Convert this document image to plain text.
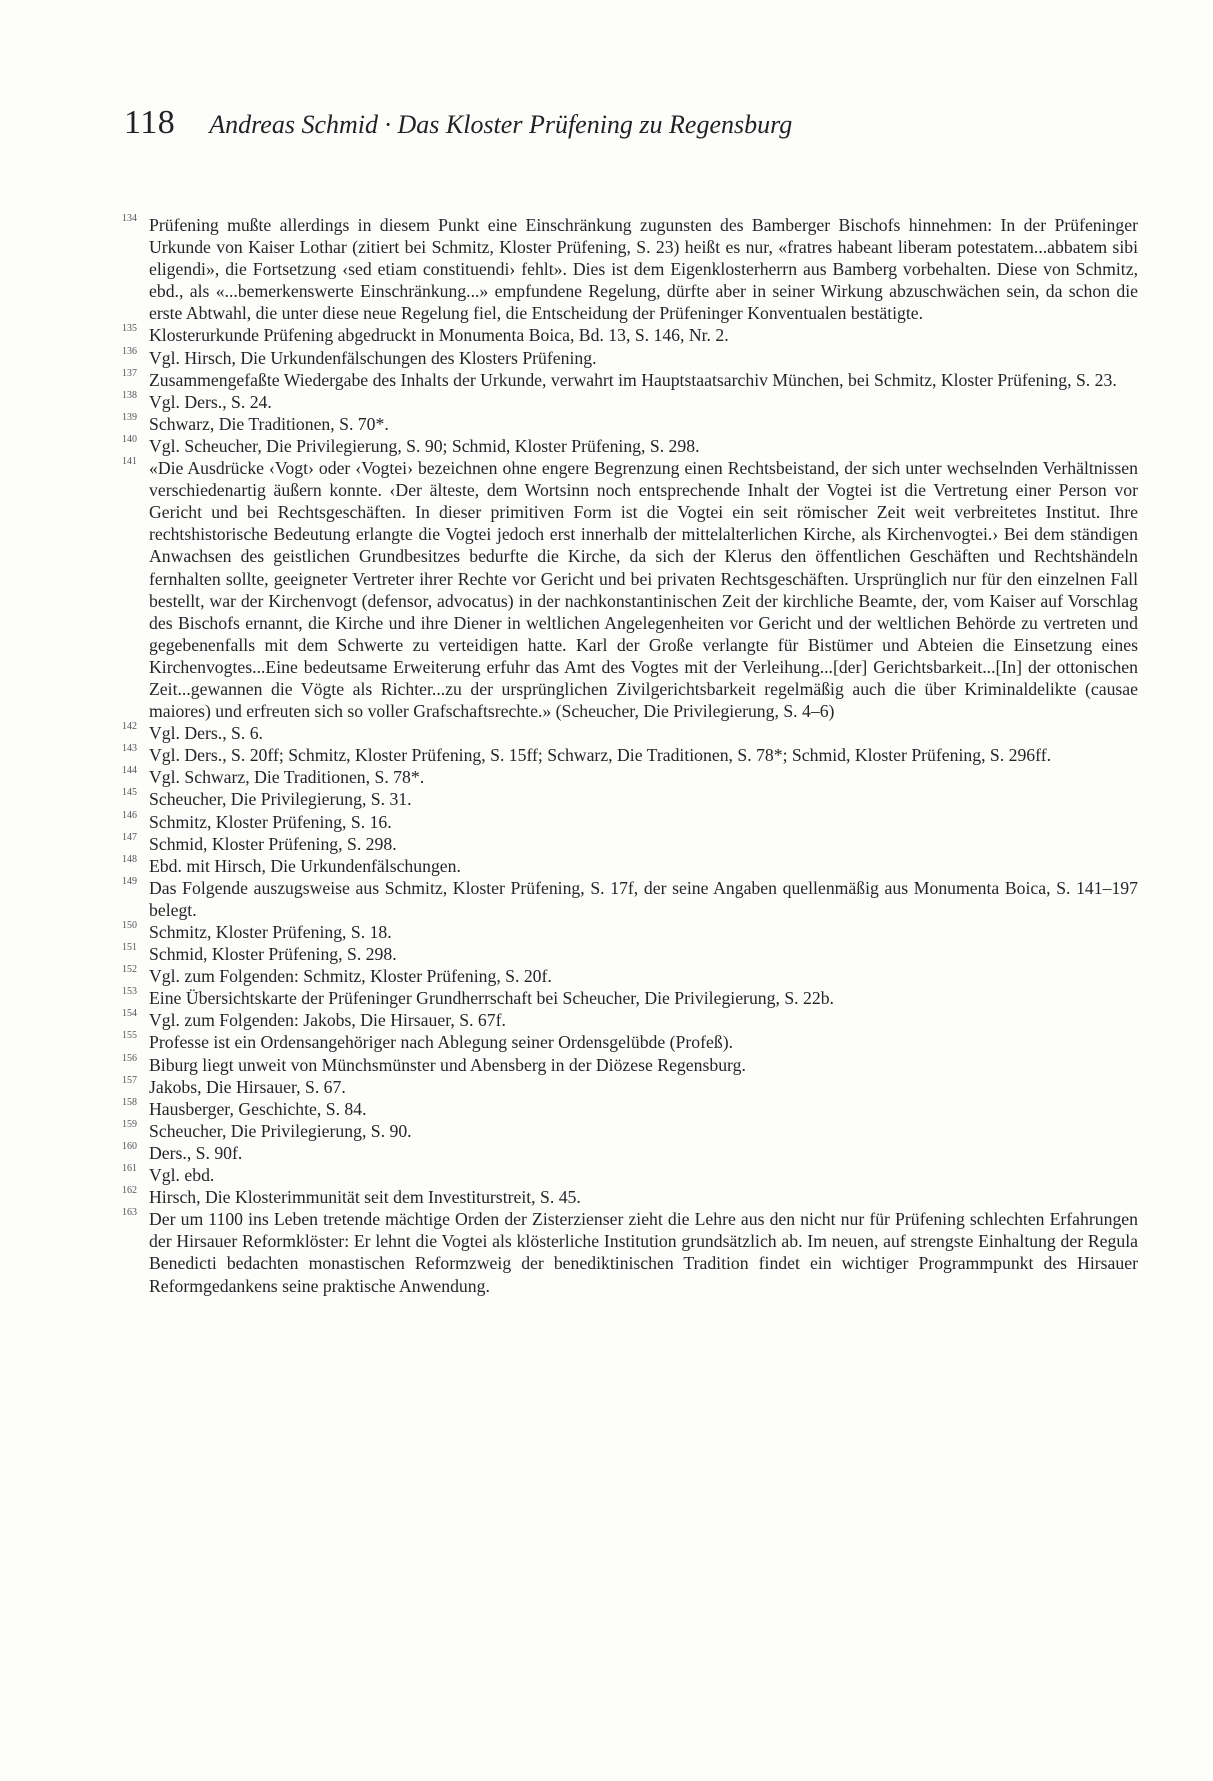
118 Andreas Schmid · Das Kloster Prüfening zu Regensburg
134 Prüfening mußte allerdings in diesem Punkt eine Einschränkung zugunsten des Bamberger Bischofs hinnehmen: In der Prüfeninger Urkunde von Kaiser Lothar (zitiert bei Schmitz, Kloster Prüfening, S. 23) heißt es nur, «fratres habeant liberam potestatem...abbatem sibi eligendi», die Fortsetzung ‹sed etiam constituendi› fehlt». Dies ist dem Eigenklosterherrn aus Bamberg vorbehalten. Diese von Schmitz, ebd., als «...bemerkenswerte Einschränkung...» empfundene Regelung, dürfte aber in seiner Wirkung abzuschwächen sein, da schon die erste Abtwahl, die unter diese neue Regelung fiel, die Entscheidung der Prüfeninger Konventualen bestätigte.
135 Klosterurkunde Prüfening abgedruckt in Monumenta Boica, Bd. 13, S. 146, Nr. 2.
136 Vgl. Hirsch, Die Urkundenfälschungen des Klosters Prüfening.
137 Zusammengefaßte Wiedergabe des Inhalts der Urkunde, verwahrt im Hauptstaatsarchiv München, bei Schmitz, Kloster Prüfening, S. 23.
138 Vgl. Ders., S. 24.
139 Schwarz, Die Traditionen, S. 70*.
140 Vgl. Scheucher, Die Privilegierung, S. 90; Schmid, Kloster Prüfening, S. 298.
141 «Die Ausdrücke ‹Vogt› oder ‹Vogtei› bezeichnen ohne engere Begrenzung einen Rechtsbeistand, der sich unter wechselnden Verhältnissen verschiedenartig äußern konnte. ‹Der älteste, dem Wortsinn noch entsprechende Inhalt der Vogtei ist die Vertretung einer Person vor Gericht und bei Rechtsgeschäften. In dieser primitiven Form ist die Vogtei ein seit römischer Zeit weit verbreitetes Institut. Ihre rechtshistorische Bedeutung erlangte die Vogtei jedoch erst innerhalb der mittelalterlichen Kirche, als Kirchenvogtei.› Bei dem ständigen Anwachsen des geistlichen Grundbesitzes bedurfte die Kirche, da sich der Klerus den öffentlichen Geschäften und Rechtshändeln fernhalten sollte, geeigneter Vertreter ihrer Rechte vor Gericht und bei privaten Rechtsgeschäften. Ursprünglich nur für den einzelnen Fall bestellt, war der Kirchenvogt (defensor, advocatus) in der nachkonstantinischen Zeit der kirchliche Beamte, der, vom Kaiser auf Vorschlag des Bischofs ernannt, die Kirche und ihre Diener in weltlichen Angelegenheiten vor Gericht und der weltlichen Behörde zu vertreten und gegebenenfalls mit dem Schwerte zu verteidigen hatte. Karl der Große verlangte für Bistümer und Abteien die Einsetzung eines Kirchenvogtes...Eine bedeutsame Erweiterung erfuhr das Amt des Vogtes mit der Verleihung...[der] Gerichtsbarkeit...[In] der ottonischen Zeit...gewannen die Vögte als Richter...zu der ursprünglichen Zivilgerichtsbarkeit regelmäßig auch die über Kriminaldelikte (causae maiores) und erfreuten sich so voller Grafschaftsrechte.» (Scheucher, Die Privilegierung, S. 4–6)
142 Vgl. Ders., S. 6.
143 Vgl. Ders., S. 20ff; Schmitz, Kloster Prüfening, S. 15ff; Schwarz, Die Traditionen, S. 78*; Schmid, Kloster Prüfening, S. 296ff.
144 Vgl. Schwarz, Die Traditionen, S. 78*.
145 Scheucher, Die Privilegierung, S. 31.
146 Schmitz, Kloster Prüfening, S. 16.
147 Schmid, Kloster Prüfening, S. 298.
148 Ebd. mit Hirsch, Die Urkundenfälschungen.
149 Das Folgende auszugsweise aus Schmitz, Kloster Prüfening, S. 17f, der seine Angaben quellenmäßig aus Monumenta Boica, S. 141–197 belegt.
150 Schmitz, Kloster Prüfening, S. 18.
151 Schmid, Kloster Prüfening, S. 298.
152 Vgl. zum Folgenden: Schmitz, Kloster Prüfening, S. 20f.
153 Eine Übersichtskarte der Prüfeninger Grundherrschaft bei Scheucher, Die Privilegierung, S. 22b.
154 Vgl. zum Folgenden: Jakobs, Die Hirsauer, S. 67f.
155 Professe ist ein Ordensangehöriger nach Ablegung seiner Ordensgelübde (Profeß).
156 Biburg liegt unweit von Münchsmünster und Abensberg in der Diözese Regensburg.
157 Jakobs, Die Hirsauer, S. 67.
158 Hausberger, Geschichte, S. 84.
159 Scheucher, Die Privilegierung, S. 90.
160 Ders., S. 90f.
161 Vgl. ebd.
162 Hirsch, Die Klosterimmunität seit dem Investiturstreit, S. 45.
163 Der um 1100 ins Leben tretende mächtige Orden der Zisterzienser zieht die Lehre aus den nicht nur für Prüfening schlechten Erfahrungen der Hirsauer Reformklöster: Er lehnt die Vogtei als klösterliche Institution grundsätzlich ab. Im neuen, auf strengste Einhaltung der Regula Benedicti bedachten monastischen Reformzweig der benediktinischen Tradition findet ein wichtiger Programmpunkt des Hirsauer Reformgedankens seine praktische Anwendung.
